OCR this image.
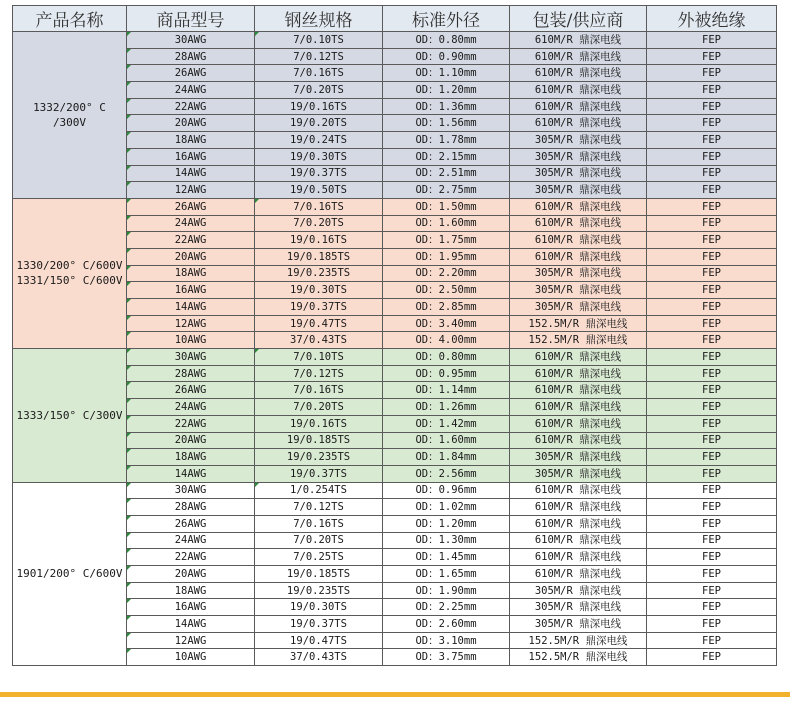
产品名称	商品型号	钢丝规格	标准外径	包装/供应商	外被绝缘

1332/200° C
/300V	30AWG	7/0.10TS	OD：0.80mm	610M/R 鼎深电线	FEP
	28AWG	7/0.12TS	OD：0.90mm	610M/R 鼎深电线	FEP
	26AWG	7/0.16TS	OD：1.10mm	610M/R 鼎深电线	FEP
	24AWG	7/0.20TS	OD：1.20mm	610M/R 鼎深电线	FEP
	22AWG	19/0.16TS	OD：1.36mm	610M/R 鼎深电线	FEP
	20AWG	19/0.20TS	OD：1.56mm	610M/R 鼎深电线	FEP
	18AWG	19/0.24TS	OD：1.78mm	305M/R 鼎深电线	FEP
	16AWG	19/0.30TS	OD：2.15mm	305M/R 鼎深电线	FEP
	14AWG	19/0.37TS	OD：2.51mm	305M/R 鼎深电线	FEP
	12AWG	19/0.50TS	OD：2.75mm	305M/R 鼎深电线	FEP

1330/200° C/600V
1331/150° C/600V	26AWG	7/0.16TS	OD：1.50mm	610M/R 鼎深电线	FEP
	24AWG	7/0.20TS	OD：1.60mm	610M/R 鼎深电线	FEP
	22AWG	19/0.16TS	OD：1.75mm	610M/R 鼎深电线	FEP
	20AWG	19/0.185TS	OD：1.95mm	610M/R 鼎深电线	FEP
	18AWG	19/0.235TS	OD：2.20mm	305M/R 鼎深电线	FEP
	16AWG	19/0.30TS	OD：2.50mm	305M/R 鼎深电线	FEP
	14AWG	19/0.37TS	OD：2.85mm	305M/R 鼎深电线	FEP
	12AWG	19/0.47TS	OD：3.40mm	152.5M/R 鼎深电线	FEP
	10AWG	37/0.43TS	OD：4.00mm	152.5M/R 鼎深电线	FEP

1333/150° C/300V	30AWG	7/0.10TS	OD：0.80mm	610M/R 鼎深电线	FEP
	28AWG	7/0.12TS	OD：0.95mm	610M/R 鼎深电线	FEP
	26AWG	7/0.16TS	OD：1.14mm	610M/R 鼎深电线	FEP
	24AWG	7/0.20TS	OD：1.26mm	610M/R 鼎深电线	FEP
	22AWG	19/0.16TS	OD：1.42mm	610M/R 鼎深电线	FEP
	20AWG	19/0.185TS	OD：1.60mm	610M/R 鼎深电线	FEP
	18AWG	19/0.235TS	OD：1.84mm	305M/R 鼎深电线	FEP
	14AWG	19/0.37TS	OD：2.56mm	305M/R 鼎深电线	FEP

1901/200° C/600V	30AWG	1/0.254TS	OD：0.96mm	610M/R 鼎深电线	FEP
	28AWG	7/0.12TS	OD：1.02mm	610M/R 鼎深电线	FEP
	26AWG	7/0.16TS	OD：1.20mm	610M/R 鼎深电线	FEP
	24AWG	7/0.20TS	OD：1.30mm	610M/R 鼎深电线	FEP
	22AWG	7/0.25TS	OD：1.45mm	610M/R 鼎深电线	FEP
	20AWG	19/0.185TS	OD：1.65mm	610M/R 鼎深电线	FEP
	18AWG	19/0.235TS	OD：1.90mm	305M/R 鼎深电线	FEP
	16AWG	19/0.30TS	OD：2.25mm	305M/R 鼎深电线	FEP
	14AWG	19/0.37TS	OD：2.60mm	305M/R 鼎深电线	FEP
	12AWG	19/0.47TS	OD：3.10mm	152.5M/R 鼎深电线	FEP
	10AWG	37/0.43TS	OD：3.75mm	152.5M/R 鼎深电线	FEP
